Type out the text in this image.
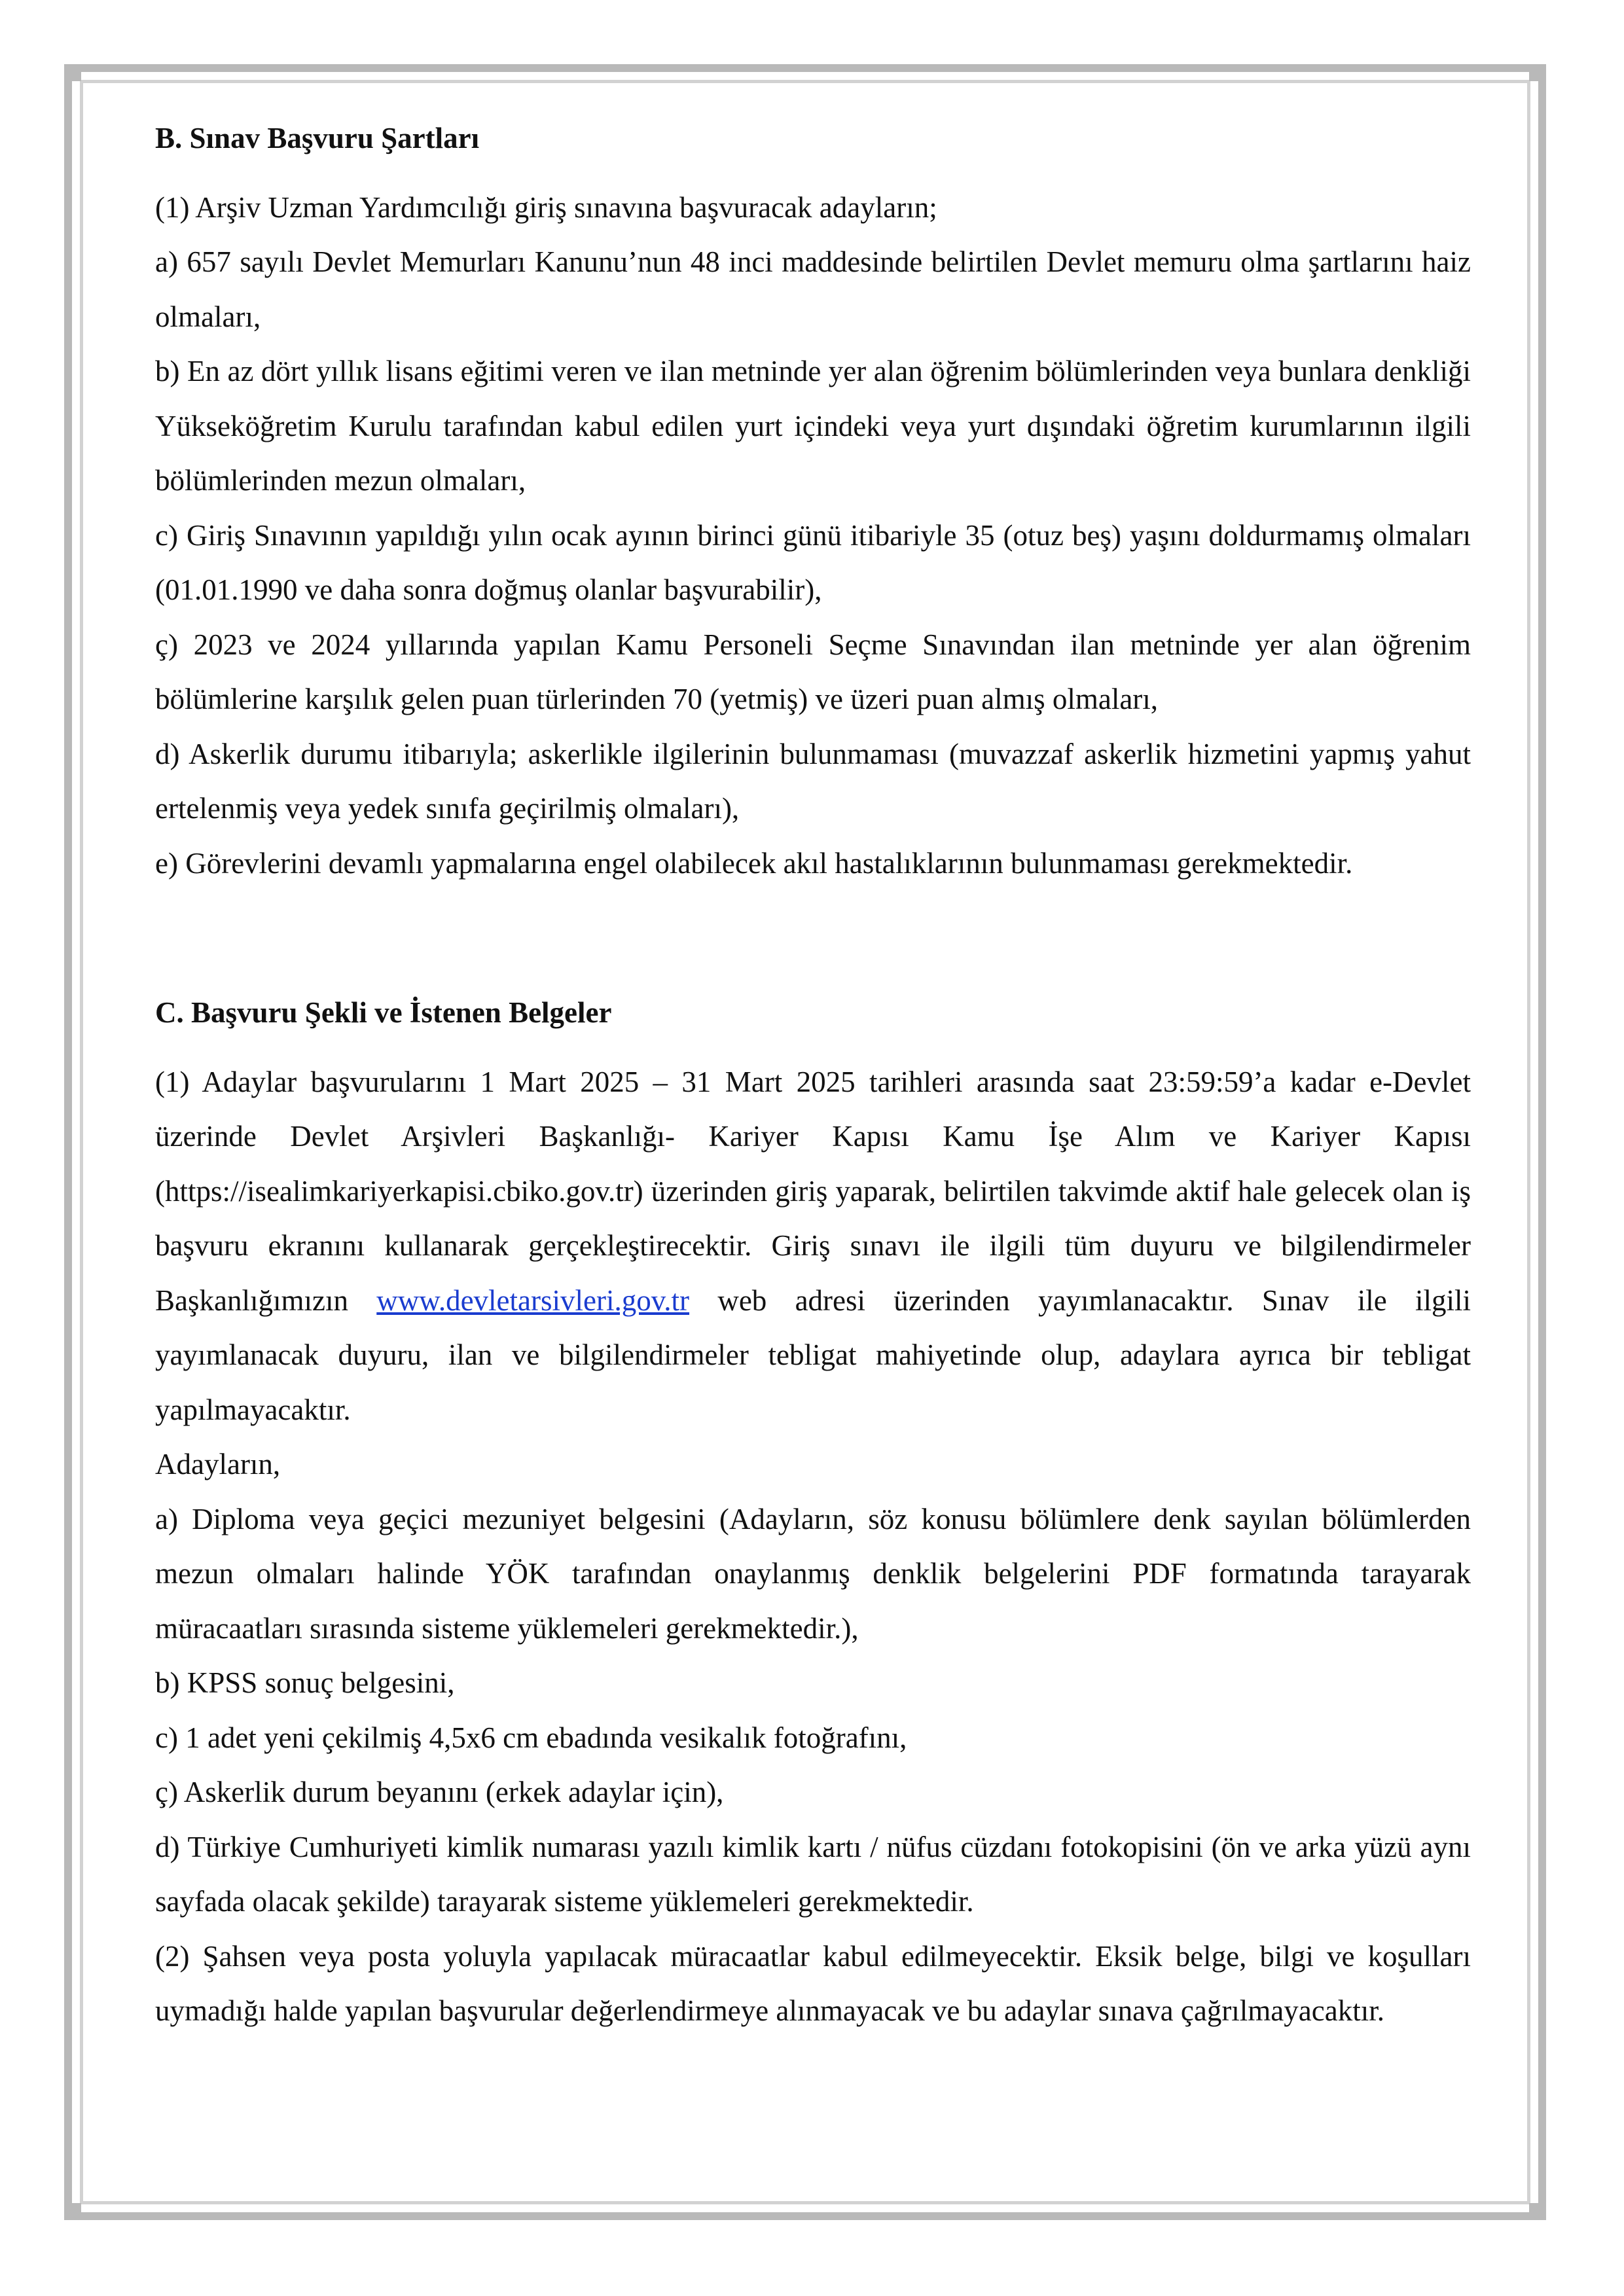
B. Sınav Başvuru Şartları

(1) Arşiv Uzman Yardımcılığı giriş sınavına başvuracak adayların;

a) 657 sayılı Devlet Memurları Kanunu’nun 48 inci maddesinde belirtilen Devlet memuru olma şartlarını haiz olmaları,

b) En az dört yıllık lisans eğitimi veren ve ilan metninde yer alan öğrenim bölümlerinden veya bunlara denkliği Yükseköğretim Kurulu tarafından kabul edilen yurt içindeki veya yurt dışındaki öğretim kurumlarının ilgili bölümlerinden mezun olmaları,

c) Giriş Sınavının yapıldığı yılın ocak ayının birinci günü itibariyle 35 (otuz beş) yaşını doldurmamış olmaları (01.01.1990 ve daha sonra doğmuş olanlar başvurabilir),

ç) 2023 ve 2024 yıllarında yapılan Kamu Personeli Seçme Sınavından ilan metninde yer alan öğrenim bölümlerine karşılık gelen puan türlerinden 70 (yetmiş) ve üzeri puan almış olmaları,

d) Askerlik durumu itibarıyla; askerlikle ilgilerinin bulunmaması (muvazzaf askerlik hizmetini yapmış yahut ertelenmiş veya yedek sınıfa geçirilmiş olmaları),

e) Görevlerini devamlı yapmalarına engel olabilecek akıl hastalıklarının bulunmaması gerekmektedir.

C. Başvuru Şekli ve İstenen Belgeler

(1) Adaylar başvurularını 1 Mart 2025 – 31 Mart 2025 tarihleri arasında saat 23:59:59’a kadar e-Devlet üzerinde Devlet Arşivleri Başkanlığı- Kariyer Kapısı Kamu İşe Alım ve Kariyer Kapısı (https://isealimkariyerkapisi.cbiko.gov.tr) üzerinden giriş yaparak, belirtilen takvimde aktif hale gelecek olan iş başvuru ekranını kullanarak gerçekleştirecektir. Giriş sınavı ile ilgili tüm duyuru ve bilgilendirmeler Başkanlığımızın www.devletarsivleri.gov.tr web adresi üzerinden yayımlanacaktır. Sınav ile ilgili yayımlanacak duyuru, ilan ve bilgilendirmeler tebligat mahiyetinde olup, adaylara ayrıca bir tebligat yapılmayacaktır.

Adayların,

a) Diploma veya geçici mezuniyet belgesini (Adayların, söz konusu bölümlere denk sayılan bölümlerden mezun olmaları halinde YÖK tarafından onaylanmış denklik belgelerini PDF formatında tarayarak müracaatları sırasında sisteme yüklemeleri gerekmektedir.),

b) KPSS sonuç belgesini,

c) 1 adet yeni çekilmiş 4,5x6 cm ebadında vesikalık fotoğrafını,

ç) Askerlik durum beyanını (erkek adaylar için),

d) Türkiye Cumhuriyeti kimlik numarası yazılı kimlik kartı / nüfus cüzdanı fotokopisini (ön ve arka yüzü aynı sayfada olacak şekilde) tarayarak sisteme yüklemeleri gerekmektedir.

(2) Şahsen veya posta yoluyla yapılacak müracaatlar kabul edilmeyecektir. Eksik belge, bilgi ve koşulları uymadığı halde yapılan başvurular değerlendirmeye alınmayacak ve bu adaylar sınava çağrılmayacaktır.
